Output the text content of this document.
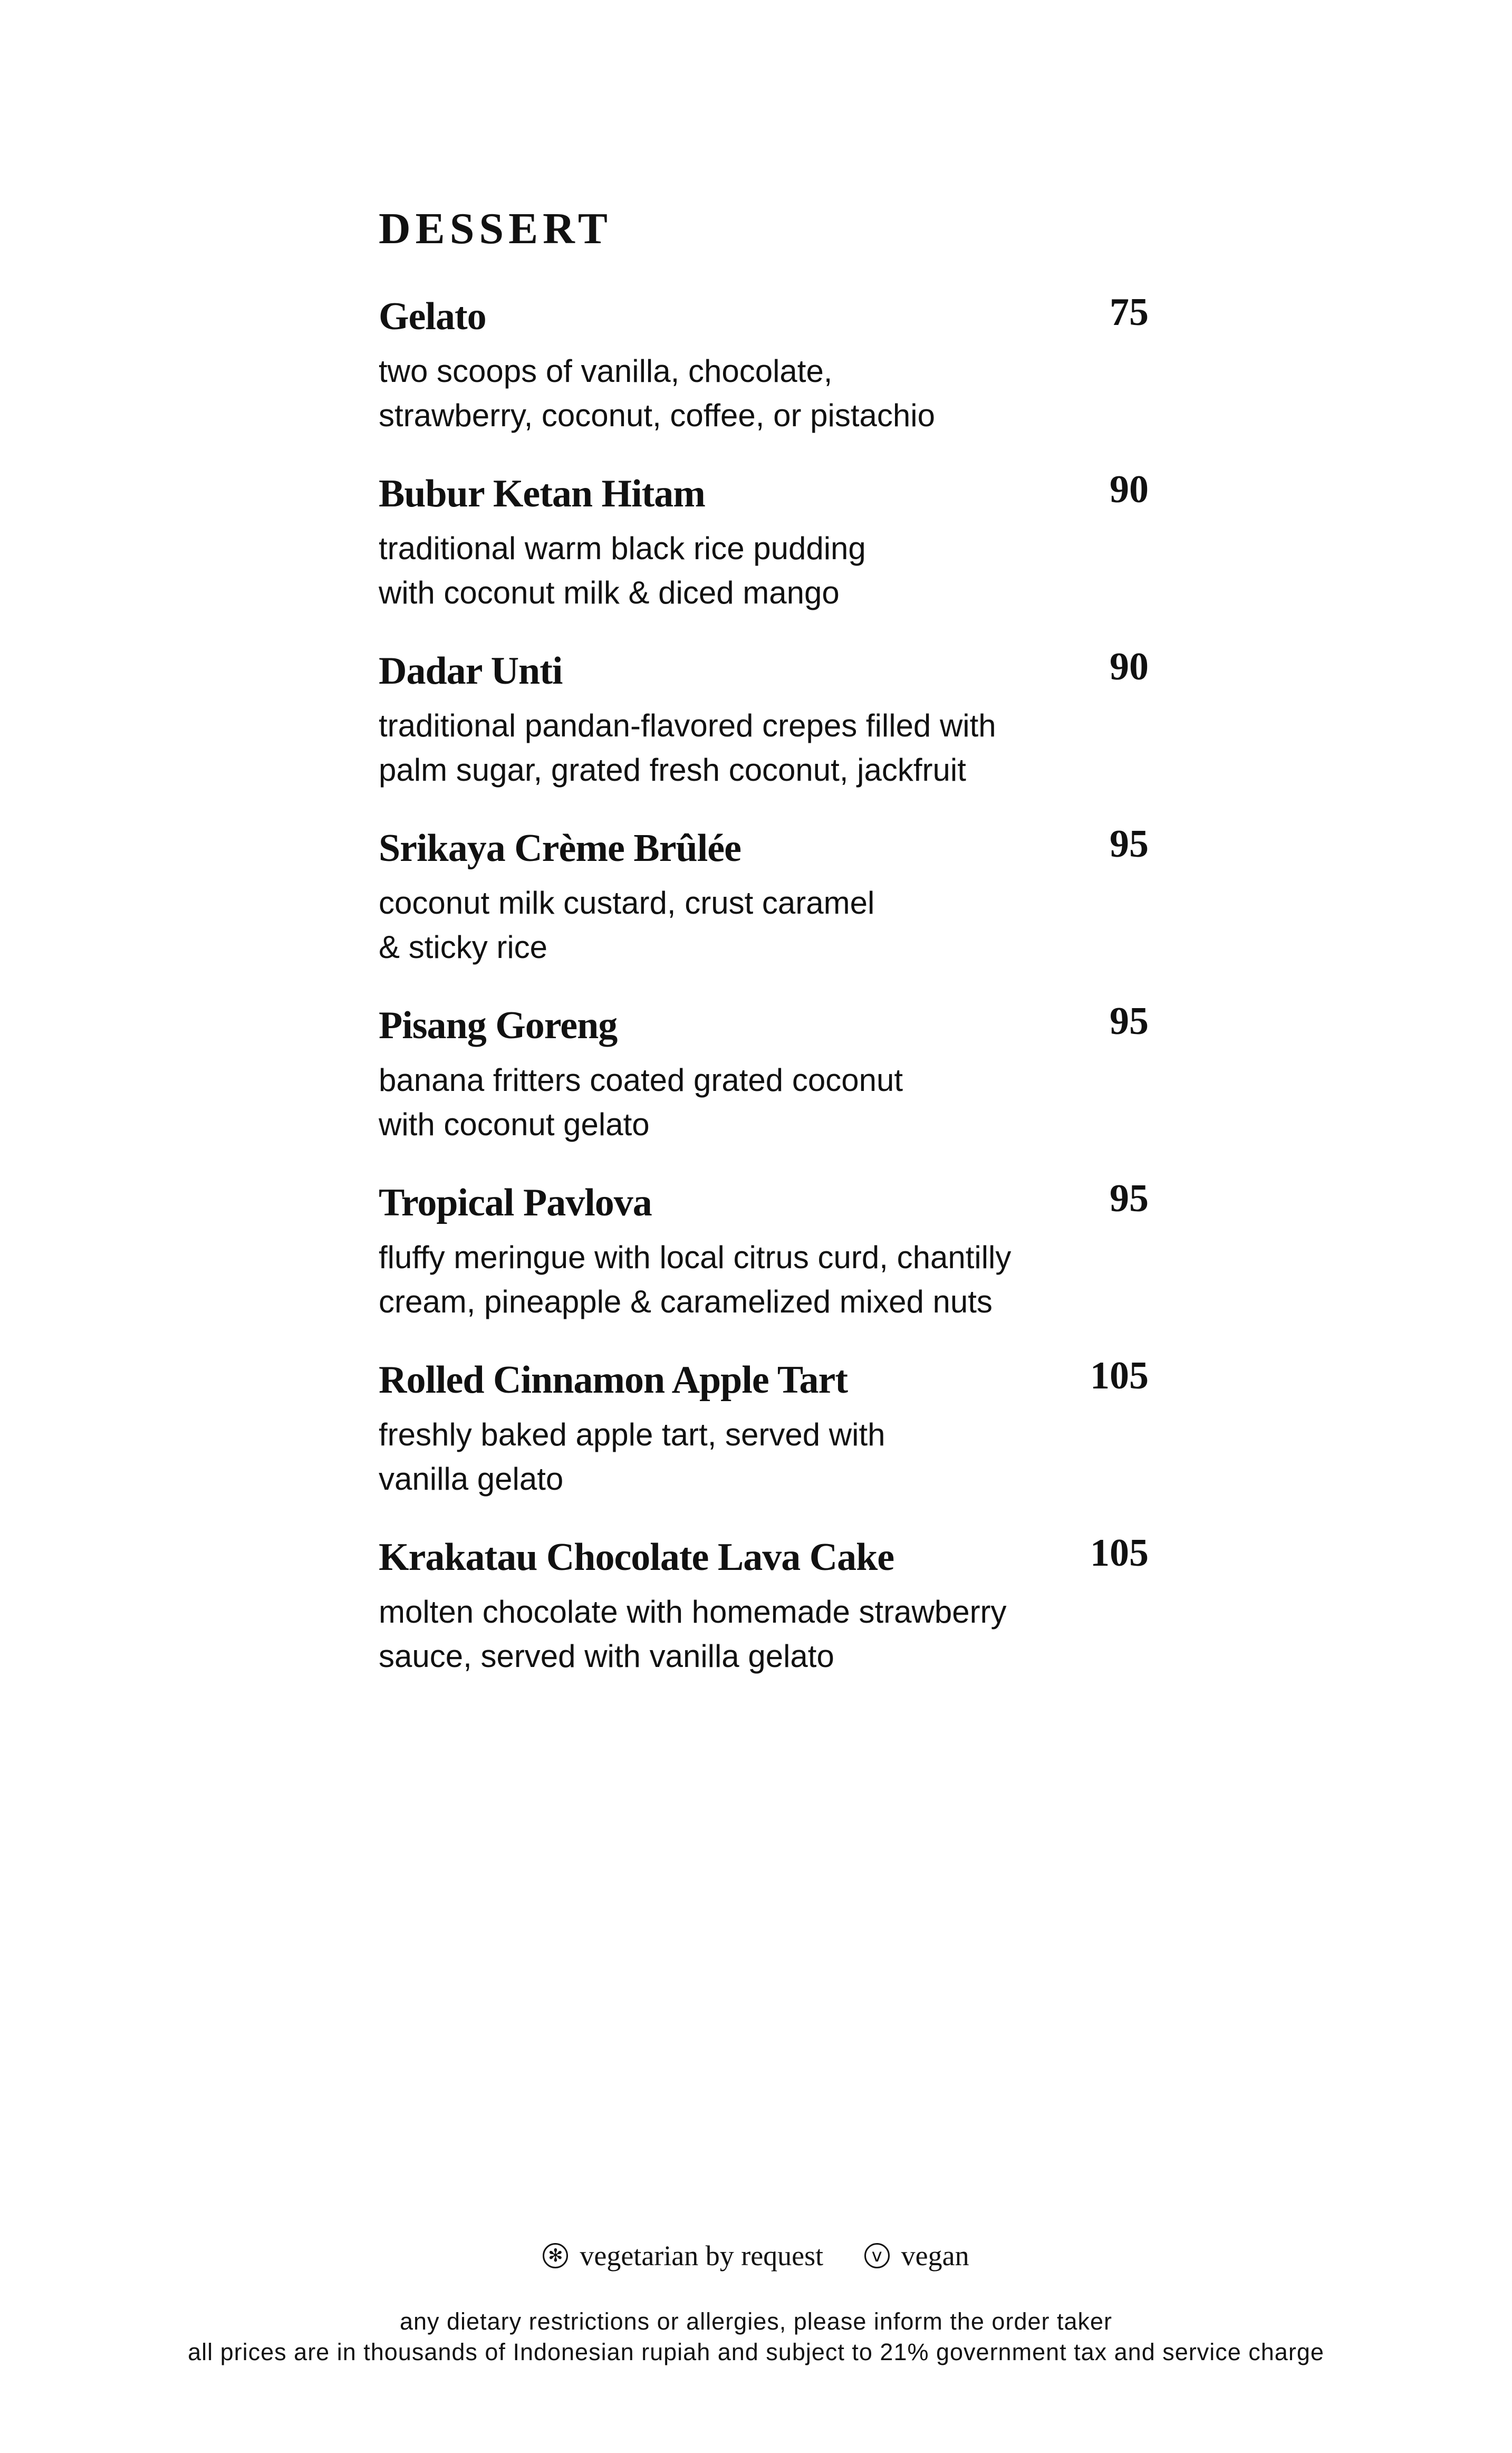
DESSERT
Gelato	75
two scoops of vanilla, chocolate,
strawberry, coconut, coffee, or pistachio
Bubur Ketan Hitam	90
traditional warm black rice pudding
with coconut milk & diced mango
Dadar Unti	90
traditional pandan-flavored crepes filled with
palm sugar, grated fresh coconut, jackfruit
Srikaya Crème Brûlée	95
coconut milk custard, crust caramel
& sticky rice
Pisang Goreng	95
banana fritters coated grated coconut
with coconut gelato
Tropical Pavlova	95
fluffy meringue with local citrus curd, chantilly
cream, pineapple & caramelized mixed nuts
Rolled Cinnamon Apple Tart	105
freshly baked apple tart, served with
vanilla gelato
Krakatau Chocolate Lava Cake	105
molten chocolate with homemade strawberry
sauce, served with vanilla gelato
✻ vegetarian by request
	v vegan
any dietary restrictions or allergies, please inform the order taker
all prices are in thousands of Indonesian rupiah and subject to 21% government tax and service charge
